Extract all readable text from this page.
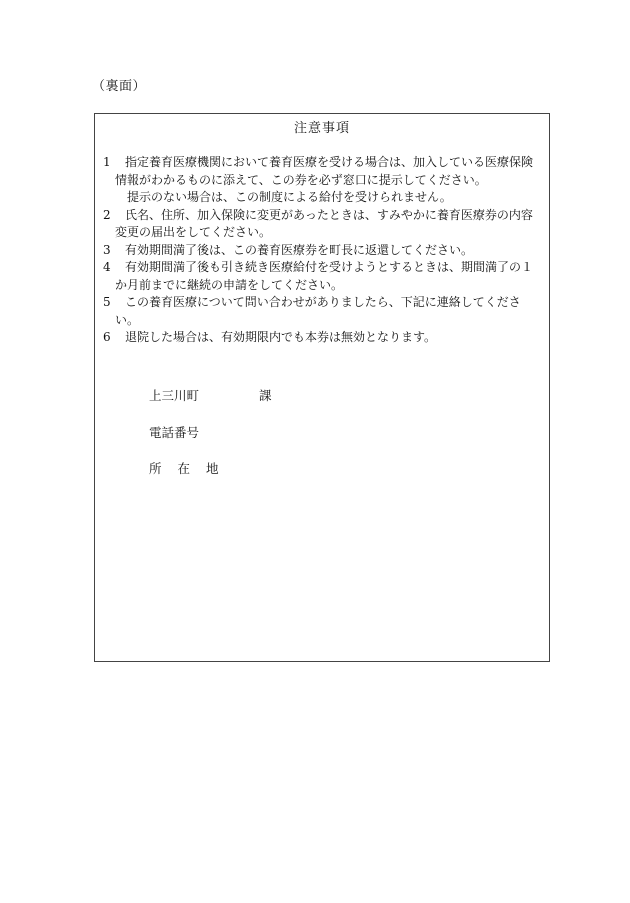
（裏面）
注意事項

1 指定養育医療機関において養育医療を受ける場合は、加入している医療保険情報がわかるものに添えて、この券を必ず窓口に提示してください。

提示のない場合は、この制度による給付を受けられません。

2 氏名、住所、加入保険に変更があったときは、すみやかに養育医療券の内容変更の届出をしてください。

3 有効期間満了後は、この養育医療券を町長に返還してください。

4 有効期間満了後も引き続き医療給付を受けようとするときは、期間満了の１か月前までに継続の申請をしてください。

5 この養育医療について問い合わせがありましたら、下記に連絡してください。

6 退院した場合は、有効期限内でも本券は無効となります。

上三川町	課
電話番号
所 在 地
